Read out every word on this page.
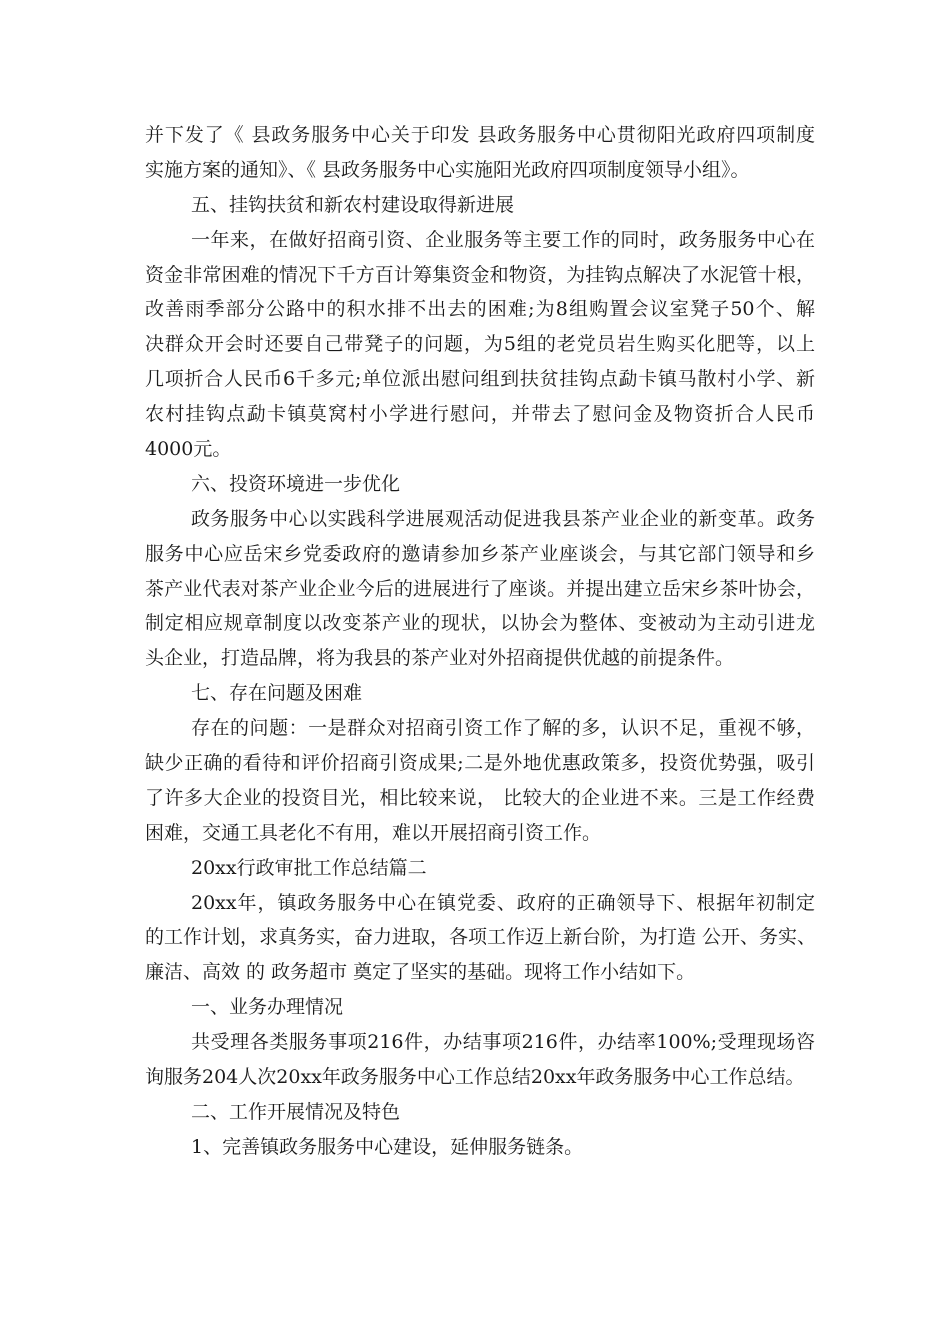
并下发了《 县政务服务中心关于印发 县政务服务中心贯彻阳光政府四项制度
实施方案的通知》、《 县政务服务中心实施阳光政府四项制度领导小组》。
五、挂钩扶贫和新农村建设取得新进展
一年来，在做好招商引资、企业服务等主要工作的同时，政务服务中心在
资金非常困难的情况下千方百计筹集资金和物资，为挂钩点解决了水泥管十根，
改善雨季部分公路中的积水排不出去的困难;为8组购置会议室凳子50个、解
决群众开会时还要自己带凳子的问题，为5组的老党员岩生购买化肥等，以上
几项折合人民币6千多元;单位派出慰问组到扶贫挂钩点勐卡镇马散村小学、新
农村挂钩点勐卡镇莫窝村小学进行慰问，并带去了慰问金及物资折合人民币
4000元。
六、投资环境进一步优化
政务服务中心以实践科学进展观活动促进我县茶产业企业的新变革。政务
服务中心应岳宋乡党委政府的邀请参加乡茶产业座谈会，与其它部门领导和乡
茶产业代表对茶产业企业今后的进展进行了座谈。并提出建立岳宋乡茶叶协会，
制定相应规章制度以改变茶产业的现状，以协会为整体、变被动为主动引进龙
头企业，打造品牌，将为我县的茶产业对外招商提供优越的前提条件。
七、存在问题及困难
存在的问题：一是群众对招商引资工作了解的多，认识不足，重视不够，
缺少正确的看待和评价招商引资成果;二是外地优惠政策多，投资优势强，吸引
了许多大企业的投资目光，相比较来说， 比较大的企业进不来。三是工作经费
困难，交通工具老化不有用，难以开展招商引资工作。
20xx行政审批工作总结篇二
20xx年，镇政务服务中心在镇党委、政府的正确领导下、根据年初制定
的工作计划，求真务实，奋力进取，各项工作迈上新台阶，为打造 公开、务实、
廉洁、高效 的 政务超市 奠定了坚实的基础。现将工作小结如下。
一、业务办理情况
共受理各类服务事项216件，办结事项216件，办结率100%;受理现场咨
询服务204人次20xx年政务服务中心工作总结20xx年政务服务中心工作总结。
二、工作开展情况及特色
1、完善镇政务服务中心建设，延伸服务链条。
